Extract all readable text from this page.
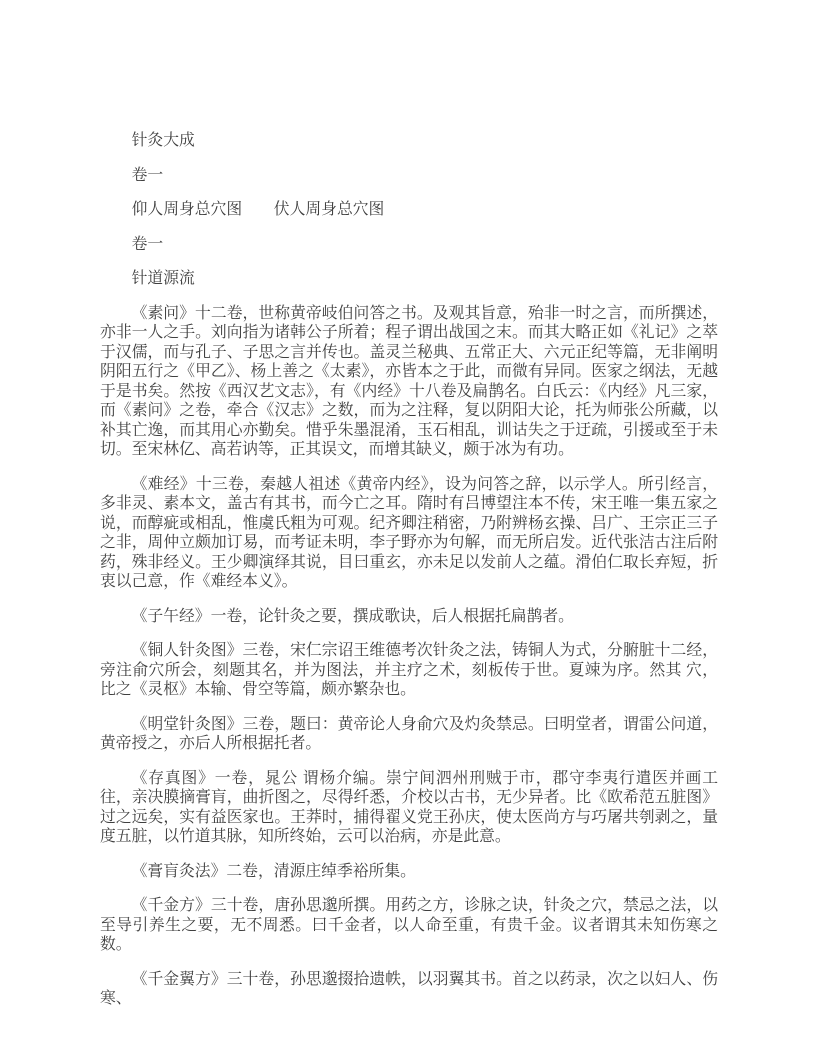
针灸大成
卷一
仰人周身总穴图　　伏人周身总穴图
卷一
针道源流
《素问》十二卷，世称黄帝岐伯问答之书。及观其旨意，殆非一时之言，而所撰述，亦非一人之手。刘向指为诸韩公子所着；程子谓出战国之末。而其大略正如《礼记》之萃于汉儒，而与孔子、子思之言并传也。盖灵兰秘典、五常正大、六元正纪等篇，无非阐明阴阳五行之《甲乙》、杨上善之《太素》，亦皆本之于此，而微有异同。医家之纲法，无越于是书矣。然按《西汉艺文志》，有《内经》十八卷及扁鹊名。白氏云：《内经》凡三家，而《素问》之卷，牵合《汉志》之数，而为之注释，复以阴阳大论，托为师张公所藏，以补其亡逸，而其用心亦勤矣。惜乎朱墨混淆，玉石相乱，训诂失之于迂疏，引援或至于未切。至宋林亿、高若讷等，正其误文，而增其缺义，颇于冰为有功。
《难经》十三卷，秦越人祖述《黄帝内经》，设为问答之辞，以示学人。所引经言，多非灵、素本文，盖古有其书，而今亡之耳。隋时有吕博望注本不传，宋王唯一集五家之说，而醇疵或相乱，惟虞氏粗为可观。纪齐卿注稍密，乃附辨杨玄操、吕广、王宗正三子之非，周仲立颇加订易，而考证未明，李子野亦为句解，而无所启发。近代张洁古注后附药，殊非经义。王少卿演绎其说，目曰重玄，亦未足以发前人之蕴。滑伯仁取长弃短，折衷以己意，作《难经本义》。
《子午经》一卷，论针灸之要，撰成歌诀，后人根据托扁鹊者。
《铜人针灸图》三卷，宋仁宗诏王维德考次针灸之法，铸铜人为式，分腑脏十二经，旁注俞穴所会，刻题其名，并为图法，并主疗之术，刻板传于世。夏竦为序。然其 穴，比之《灵枢》本输、骨空等篇，颇亦繁杂也。
《明堂针灸图》三卷，题曰：黄帝论人身俞穴及灼灸禁忌。曰明堂者，谓雷公问道，黄帝授之，亦后人所根据托者。
《存真图》一卷，晁公 谓杨介编。崇宁间泗州刑贼于市，郡守李夷行遣医并画工往，亲决膜摘膏肓，曲折图之，尽得纤悉，介校以古书，无少异者。比《欧希范五脏图》过之远矣，实有益医家也。王莽时，捕得翟义党王孙庆，使太医尚方与巧屠共刳剥之，量度五脏，以竹道其脉，知所终始，云可以治病，亦是此意。
《膏肓灸法》二卷，清源庄绰季裕所集。
《千金方》三十卷，唐孙思邈所撰。用药之方，诊脉之诀，针灸之穴，禁忌之法，以至导引养生之要，无不周悉。曰千金者，以人命至重，有贵千金。议者谓其未知伤寒之数。
《千金翼方》三十卷，孙思邈掇拾遗帙，以羽翼其书。首之以药录，次之以妇人、伤寒、
